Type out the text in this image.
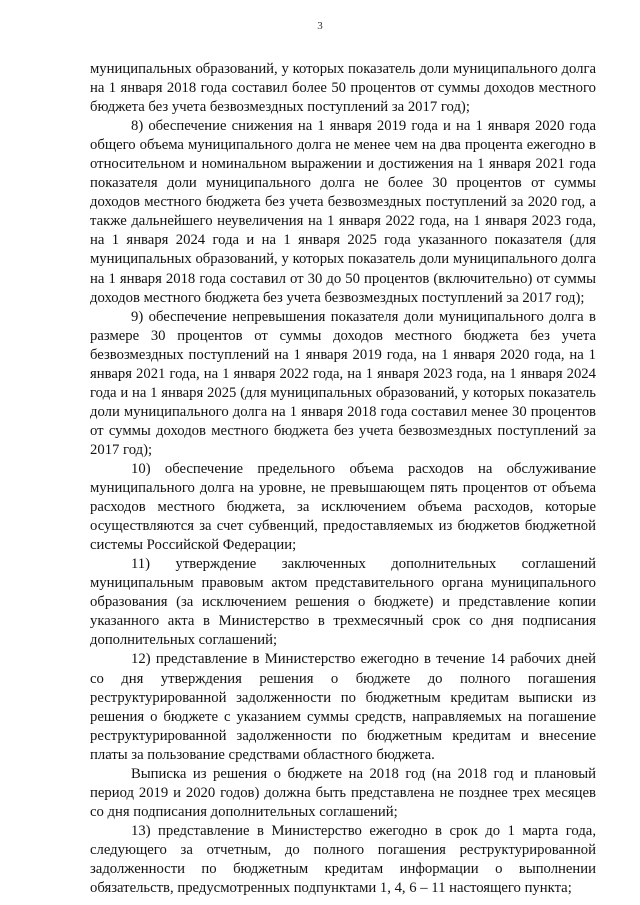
3

муниципальных образований, у которых показатель доли муниципального долга на 1 января 2018 года составил более 50 процентов от суммы доходов местного бюджета без учета безвозмездных поступлений за 2017 год);

8) обеспечение снижения на 1 января 2019 года и на 1 января 2020 года общего объема муниципального долга не менее чем на два процента ежегодно в относительном и номинальном выражении и достижения на 1 января 2021 года показателя доли муниципального долга не более 30 процентов от суммы доходов местного бюджета без учета безвозмездных поступлений за 2020 год, а также дальнейшего неувеличения на 1 января 2022 года, на 1 января 2023 года, на 1 января 2024 года и на 1 января 2025 года указанного показателя (для муниципальных образований, у которых показатель доли муниципального долга на 1 января 2018 года составил от 30 до 50 процентов (включительно) от суммы доходов местного бюджета без учета безвозмездных поступлений за 2017 год);

9) обеспечение непревышения показателя доли муниципального долга в размере 30 процентов от суммы доходов местного бюджета без учета безвозмездных поступлений на 1 января 2019 года, на 1 января 2020 года, на 1 января 2021 года, на 1 января 2022 года, на 1 января 2023 года, на 1 января 2024 года и на 1 января 2025 (для муниципальных образований, у которых показатель доли муниципального долга на 1 января 2018 года составил менее 30 процентов от суммы доходов местного бюджета без учета безвозмездных поступлений за 2017 год);

10) обеспечение предельного объема расходов на обслуживание муниципального долга на уровне, не превышающем пять процентов от объема расходов местного бюджета, за исключением объема расходов, которые осуществляются за счет субвенций, предоставляемых из бюджетов бюджетной системы Российской Федерации;

11) утверждение заключенных дополнительных соглашений муниципальным правовым актом представительного органа муниципального образования (за исключением решения о бюджете) и представление копии указанного акта в Министерство в трехмесячный срок со дня подписания дополнительных соглашений;

12) представление в Министерство ежегодно в течение 14 рабочих дней со дня утверждения решения о бюджете до полного погашения реструктурированной задолженности по бюджетным кредитам выписки из решения о бюджете с указанием суммы средств, направляемых на погашение реструктурированной задолженности по бюджетным кредитам и внесение платы за пользование средствами областного бюджета.

Выписка из решения о бюджете на 2018 год (на 2018 год и плановый период 2019 и 2020 годов) должна быть представлена не позднее трех месяцев со дня подписания дополнительных соглашений;

13) представление в Министерство ежегодно в срок до 1 марта года, следующего за отчетным, до полного погашения реструктурированной задолженности по бюджетным кредитам информации о выполнении обязательств, предусмотренных подпунктами 1, 4, 6 – 11 настоящего пункта;
